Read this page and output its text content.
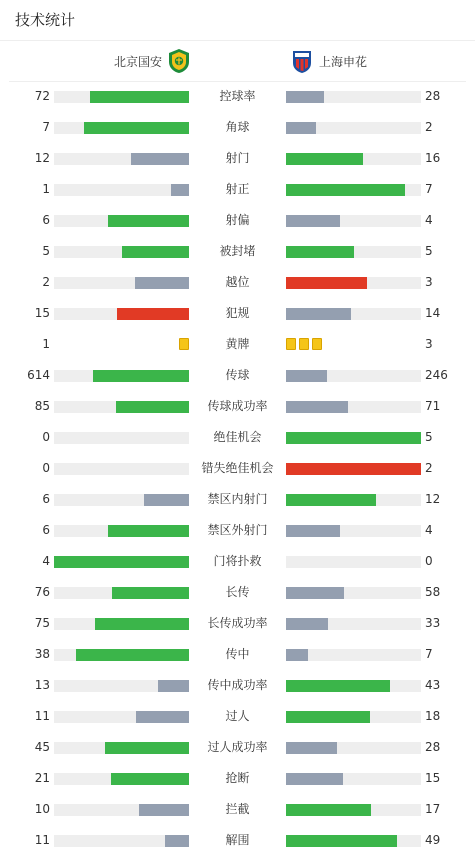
技术统计
北京国安	上海申花
72	控球率	28
7	角球	2
12	射门	16
1	射正	7
6	射偏	4
5	被封堵	5
2	越位	3
15	犯规	14
1	黄牌	3
614	传球	246
85	传球成功率	71
0	绝佳机会	5
0	错失绝佳机会	2
6	禁区内射门	12
6	禁区外射门	4
4	门将扑救	0
76	长传	58
75	长传成功率	33
38	传中	7
13	传中成功率	43
11	过人	18
45	过人成功率	28
21	抢断	15
10	拦截	17
11	解围	49
